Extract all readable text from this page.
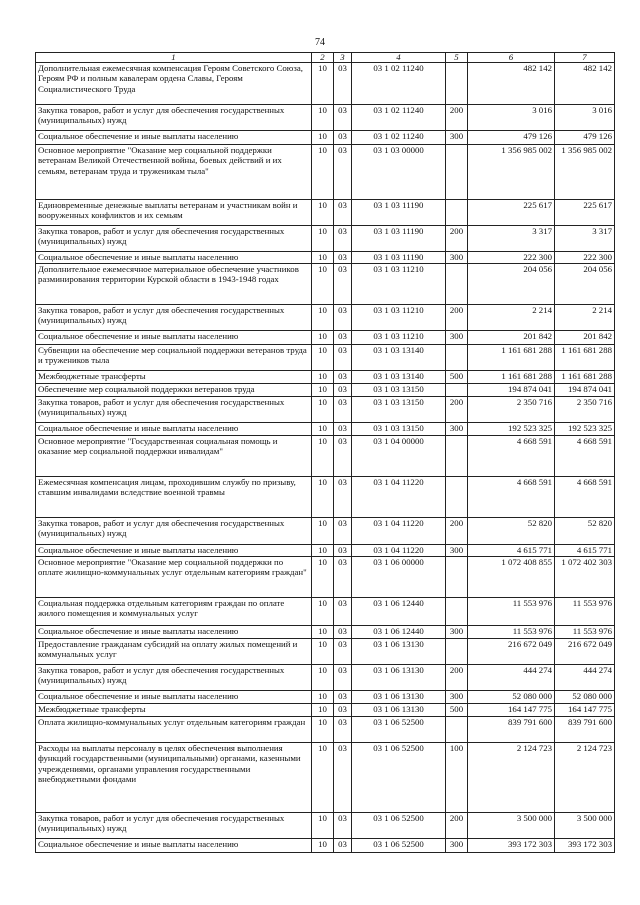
74
1	2	3	4	5	6	7
Дополнительная ежемесячная компенсация Героям Советского Союза, Героям РФ и полным кавалерам ордена Славы, Героям Социалистического Труда	10	03	03 1 02 11240		482 142	482 142
Закупка товаров, работ и услуг для обеспечения государственных (муниципальных) нужд	10	03	03 1 02 11240	200	3 016	3 016
Социальное обеспечение и иные выплаты населению	10	03	03 1 02 11240	300	479 126	479 126
Основное мероприятие "Оказание мер социальной поддержки ветеранам Великой Отечественной войны, боевых действий и их семьям, ветеранам труда и труженикам тыла"	10	03	03 1 03 00000		1 356 985 002	1 356 985 002
Единовременные денежные выплаты ветеранам и участникам войн и вооруженных конфликтов и их семьям	10	03	03 1 03 11190		225 617	225 617
Закупка товаров, работ и услуг для обеспечения государственных (муниципальных) нужд	10	03	03 1 03 11190	200	3 317	3 317
Социальное обеспечение и иные выплаты населению	10	03	03 1 03 11190	300	222 300	222 300
Дополнительное ежемесячное материальное обеспечение участников разминирования территории Курской области в 1943-1948 годах	10	03	03 1 03 11210		204 056	204 056
Закупка товаров, работ и услуг для обеспечения государственных (муниципальных) нужд	10	03	03 1 03 11210	200	2 214	2 214
Социальное обеспечение и иные выплаты населению	10	03	03 1 03 11210	300	201 842	201 842
Субвенции на обеспечение мер социальной поддержки ветеранов труда и тружеников тыла	10	03	03 1 03 13140		1 161 681 288	1 161 681 288
Межбюджетные трансферты	10	03	03 1 03 13140	500	1 161 681 288	1 161 681 288
Обеспечение мер социальной поддержки ветеранов труда	10	03	03 1 03 13150		194 874 041	194 874 041
Закупка товаров, работ и услуг для обеспечения государственных (муниципальных) нужд	10	03	03 1 03 13150	200	2 350 716	2 350 716
Социальное обеспечение и иные выплаты населению	10	03	03 1 03 13150	300	192 523 325	192 523 325
Основное мероприятие "Государственная социальная помощь и оказание мер социальной поддержки инвалидам"	10	03	03 1 04 00000		4 668 591	4 668 591
Ежемесячная компенсация лицам, проходившим службу по призыву, ставшим инвалидами вследствие военной травмы	10	03	03 1 04 11220		4 668 591	4 668 591
Закупка товаров, работ и услуг для обеспечения государственных (муниципальных) нужд	10	03	03 1 04 11220	200	52 820	52 820
Социальное обеспечение и иные выплаты населению	10	03	03 1 04 11220	300	4 615 771	4 615 771
Основное мероприятие "Оказание мер социальной поддержки по оплате жилищно-коммунальных услуг отдельным категориям граждан"	10	03	03 1 06 00000		1 072 408 855	1 072 402 303
Социальная поддержка отдельным категориям граждан по оплате жилого помещения и коммунальных услуг	10	03	03 1 06 12440		11 553 976	11 553 976
Социальное обеспечение и иные выплаты населению	10	03	03 1 06 12440	300	11 553 976	11 553 976
Предоставление гражданам субсидий на оплату жилых помещений и коммунальных услуг	10	03	03 1 06 13130		216 672 049	216 672 049
Закупка товаров, работ и услуг для обеспечения государственных (муниципальных) нужд	10	03	03 1 06 13130	200	444 274	444 274
Социальное обеспечение и иные выплаты населению	10	03	03 1 06 13130	300	52 080 000	52 080 000
Межбюджетные трансферты	10	03	03 1 06 13130	500	164 147 775	164 147 775
Оплата жилищно-коммунальных услуг отдельным категориям граждан	10	03	03 1 06 52500		839 791 600	839 791 600
Расходы на выплаты персоналу в целях обеспечения выполнения функций государственными (муниципальными) органами, казенными учреждениями, органами управления государственными внебюджетными фондами	10	03	03 1 06 52500	100	2 124 723	2 124 723
Закупка товаров, работ и услуг для обеспечения государственных (муниципальных) нужд	10	03	03 1 06 52500	200	3 500 000	3 500 000
Социальное обеспечение и иные выплаты населению	10	03	03 1 06 52500	300	393 172 303	393 172 303
